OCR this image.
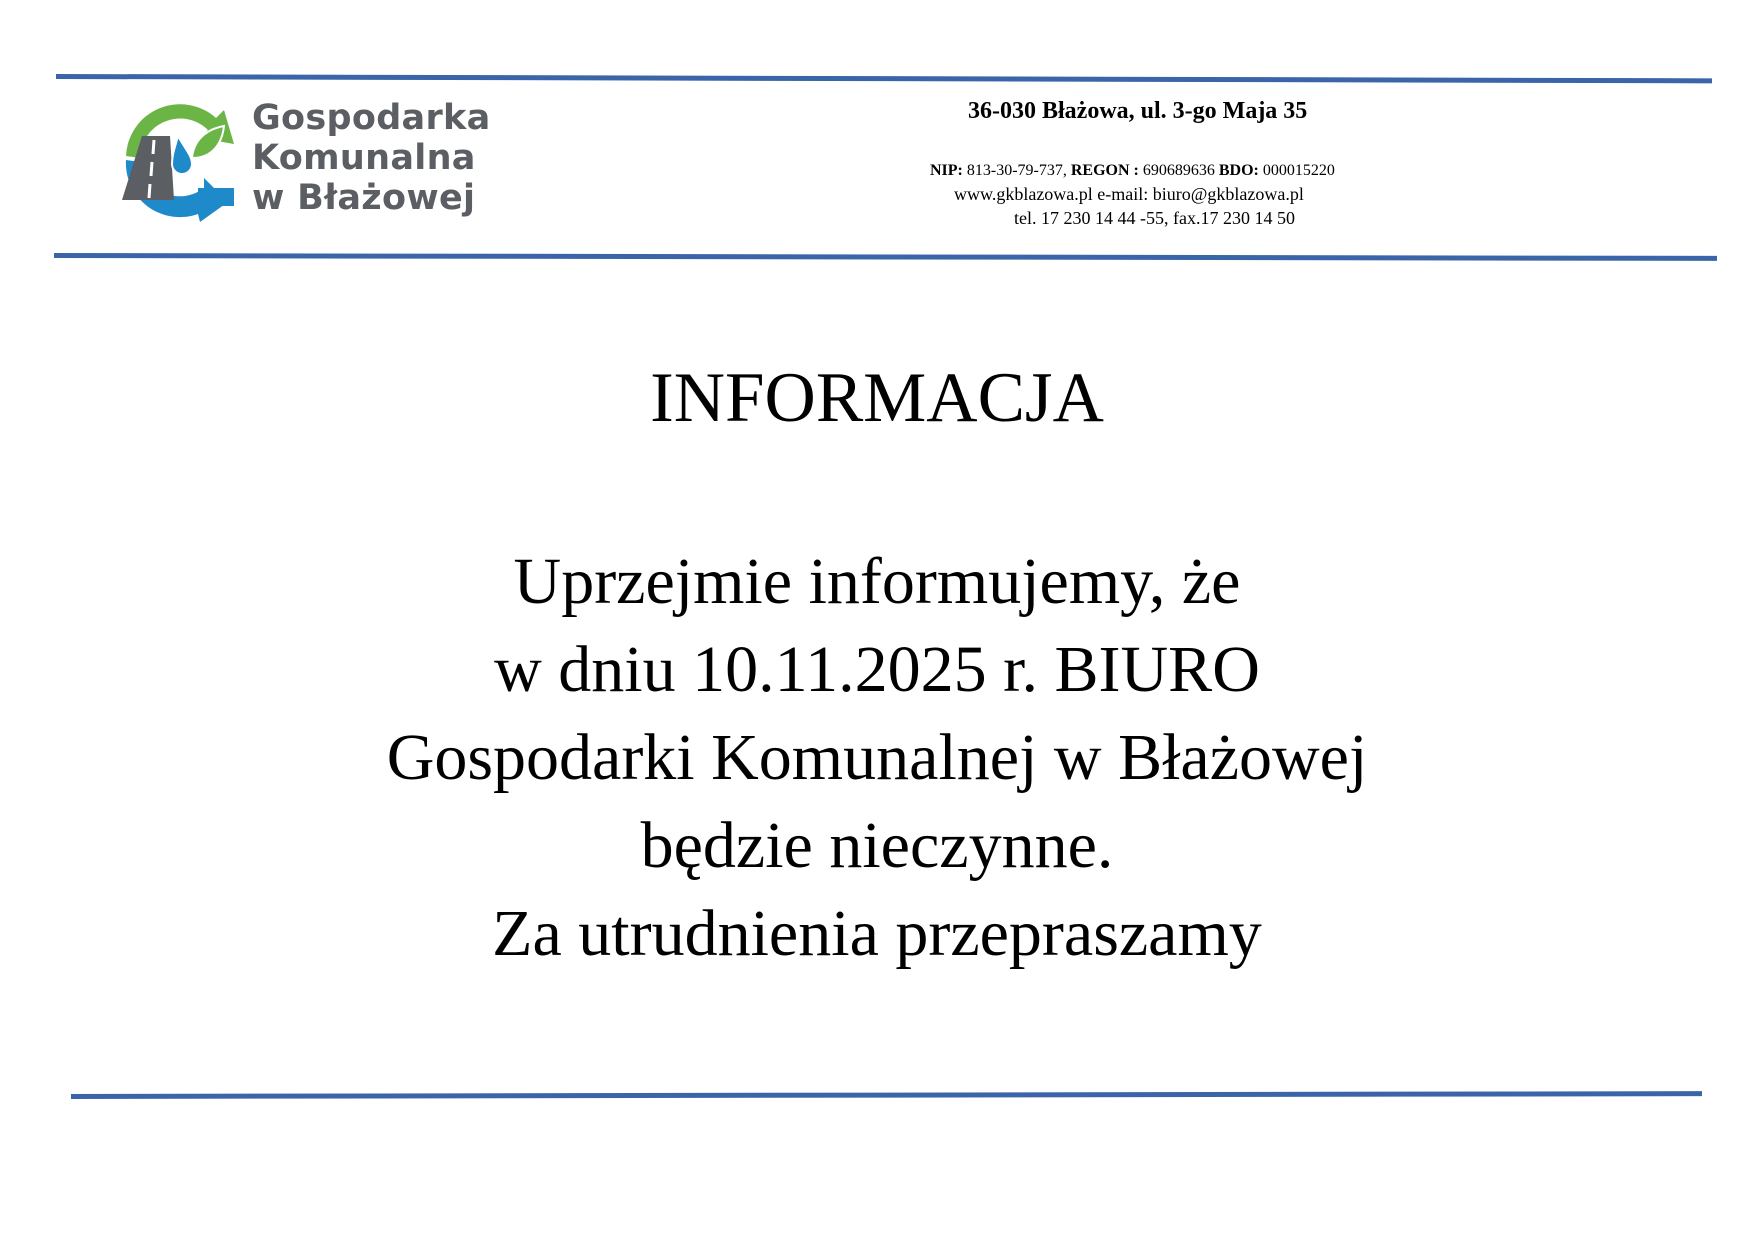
Gospodarka
Komunalna
w Błażowej
36-030 Błażowa, ul. 3-go Maja 35
NIP: 813-30-79-737, REGON : 690689636 BDO: 000015220
www.gkblazowa.pl e-mail: biuro@gkblazowa.pl
tel. 17 230 14 44 -55, fax.17 230 14 50
INFORMACJA
Uprzejmie informujemy, że
w dniu 10.11.2025 r. BIURO
Gospodarki Komunalnej w Błażowej
będzie nieczynne.
Za utrudnienia przepraszamy
